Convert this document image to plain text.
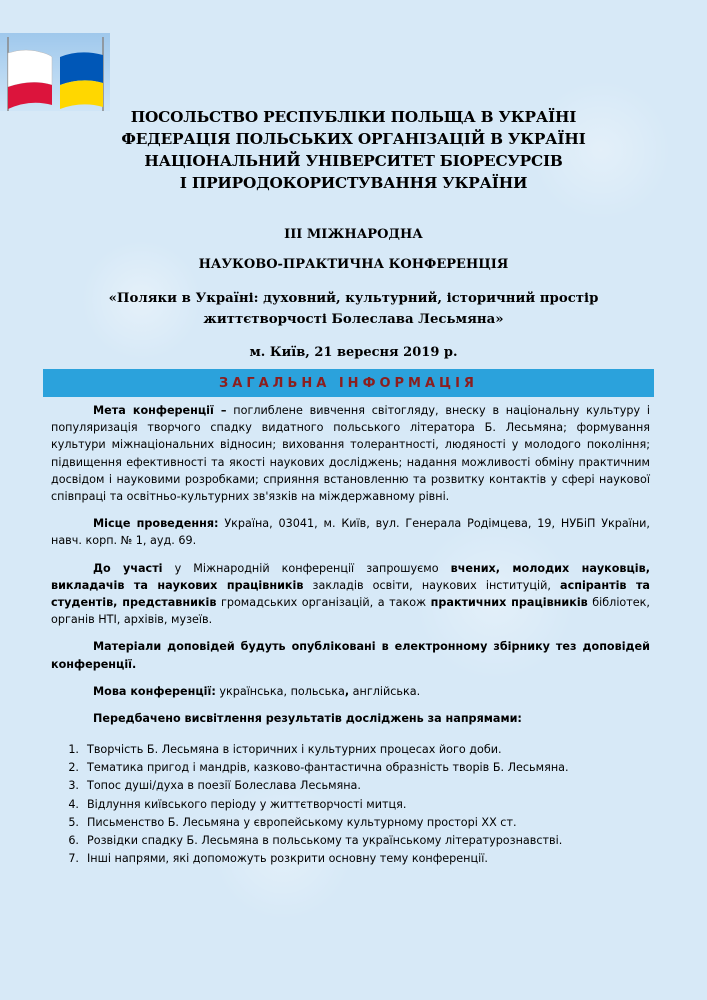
ПОСОЛЬСТВО РЕСПУБЛІКИ ПОЛЬЩА В УКРАЇНІ
ФЕДЕРАЦІЯ ПОЛЬСЬКИХ ОРГАНІЗАЦІЙ В УКРАЇНІ
НАЦІОНАЛЬНИЙ УНІВЕРСИТЕТ БІОРЕСУРСІВ
І ПРИРОДОКОРИСТУВАННЯ УКРАЇНИ
ІІІ МІЖНАРОДНА
НАУКОВО-ПРАКТИЧНА КОНФЕРЕНЦІЯ
«Поляки в Україні: духовний, культурний, історичний простір
життєтворчості Болеслава Лесьмяна»
м. Київ, 21 вересня 2019 р.
ЗАГАЛЬНА ІНФОРМАЦІЯ

Мета конференції – поглиблене вивчення світогляду, внеску в національну культуру і популяризація творчого спадку видатного польського літератора Б. Лесьмяна; формування культури міжнаціональних відносин; виховання толерантності, людяності у молодого покоління; підвищення ефективності та якості наукових досліджень; надання можливості обміну практичним досвідом і науковими розробками; сприяння встановленню та розвитку контактів у сфері наукової співпраці та освітньо-культурних зв'язків на міждержавному рівні.

Місце проведення: Україна, 03041, м. Київ, вул. Генерала Родімцева, 19, НУБіП України, навч. корп. № 1, ауд. 69.

До участі у Міжнародній конференції запрошуємо вчених, молодих науковців, викладачів та наукових працівників закладів освіти, наукових інституцій, аспірантів та студентів, представників громадських організацій, а також практичних працівників бібліотек, органів НТІ, архівів, музеїв.

Матеріали доповідей будуть опубліковані в електронному збірнику тез доповідей конференції.

Мова конференції: українська, польська, англійська.

Передбачено висвітлення результатів досліджень за напрямами:

1. Творчість Б. Лесьмяна в історичних і культурних процесах його доби.
2. Тематика пригод і мандрів, казково-фантастична образність творів Б. Лесьмяна.
3. Топос душі/духа в поезії Болеслава Лесьмяна.
4. Відлуння київського періоду у життєтворчості митця.
5. Письменство Б. Лесьмяна у європейському культурному просторі ХХ ст.
6. Розвідки спадку Б. Лесьмяна в польському та українському літературознавстві.
7. Інші напрями, які допоможуть розкрити основну тему конференції.
